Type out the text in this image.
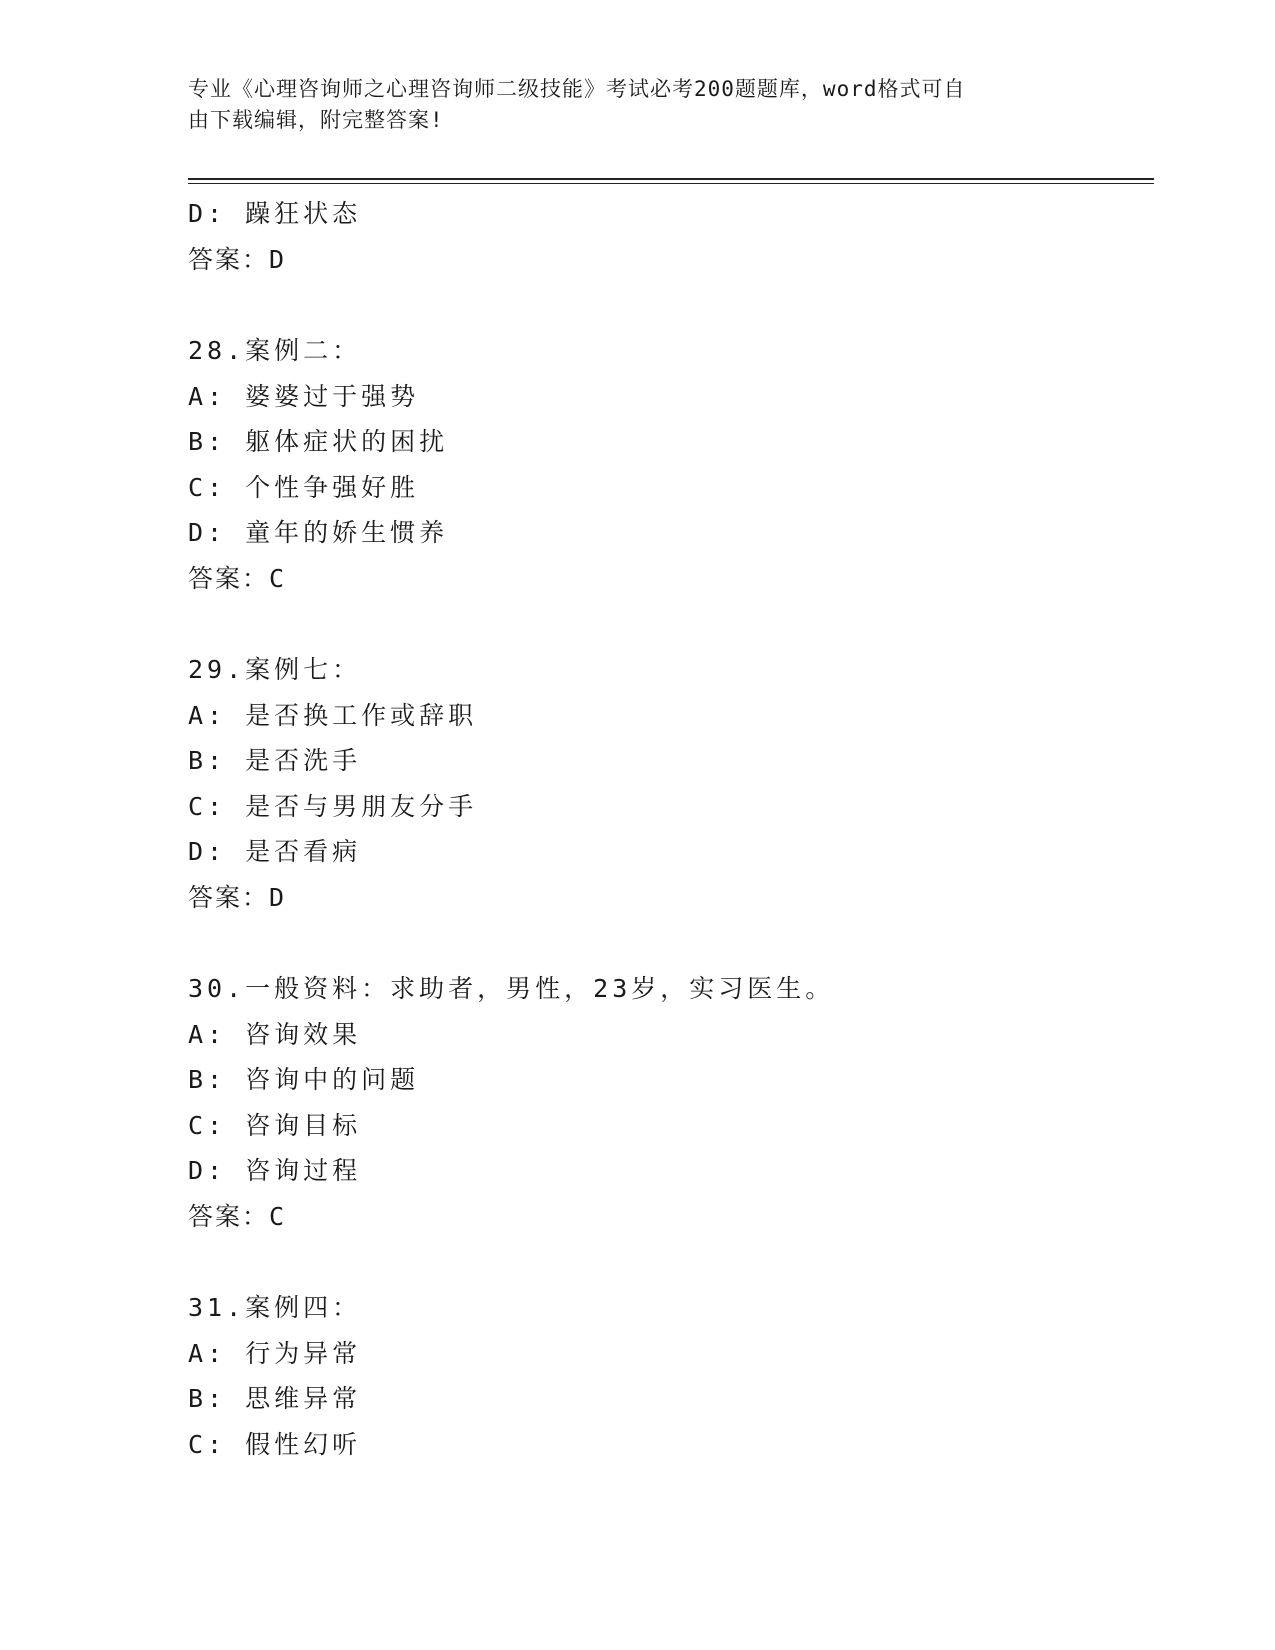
专业《心理咨询师之心理咨询师二级技能》考试必考200题题库，word格式可自
由下载编辑，附完整答案!
D: 躁狂状态
答案：D
28.案例二：
A: 婆婆过于强势
B: 躯体症状的困扰
C: 个性争强好胜
D: 童年的娇生惯养
答案：C
29.案例七：
A: 是否换工作或辞职
B: 是否洗手
C: 是否与男朋友分手
D: 是否看病
答案：D
30.一般资料：求助者，男性，23岁，实习医生。
A: 咨询效果
B: 咨询中的问题
C: 咨询目标
D: 咨询过程
答案：C
31.案例四：
A: 行为异常
B: 思维异常
C: 假性幻听
